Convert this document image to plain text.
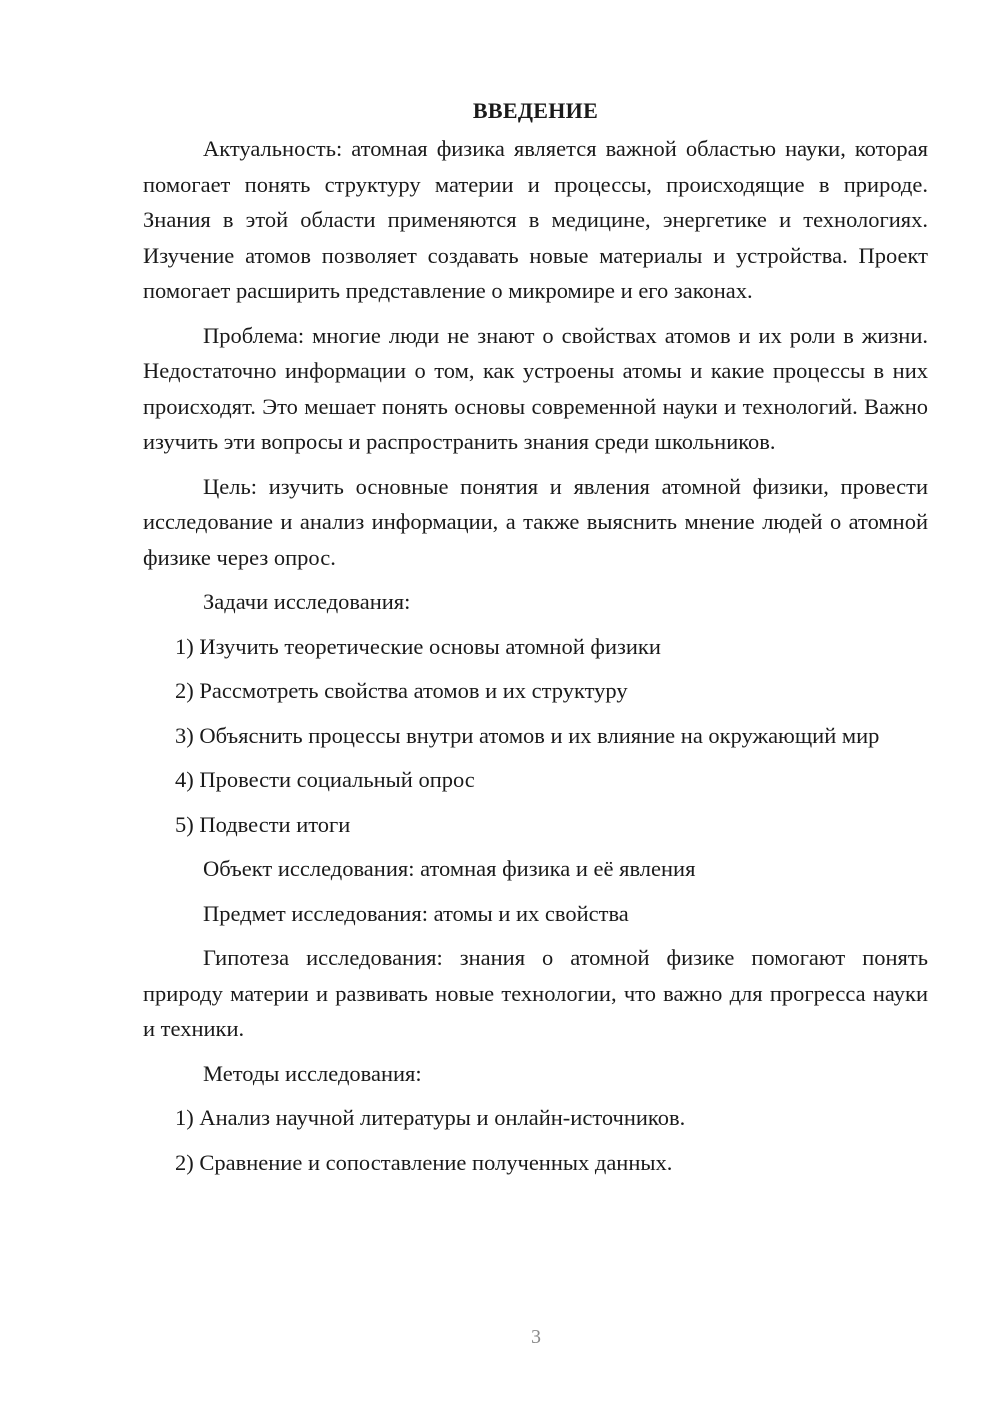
ВВЕДЕНИЕ

Актуальность: атомная физика является важной областью науки, которая помогает понять структуру материи и процессы, происходящие в природе. Знания в этой области применяются в медицине, энергетике и технологиях. Изучение атомов позволяет создавать новые материалы и устройства. Проект помогает расширить представление о микромире и его законах.

Проблема: многие люди не знают о свойствах атомов и их роли в жизни. Недостаточно информации о том, как устроены атомы и какие процессы в них происходят. Это мешает понять основы современной науки и технологий. Важно изучить эти вопросы и распространить знания среди школьников.

Цель: изучить основные понятия и явления атомной физики, провести исследование и анализ информации, а также выяснить мнение людей о атомной физике через опрос.

Задачи исследования:

1) Изучить теоретические основы атомной физики

2) Рассмотреть свойства атомов и их структуру

3) Объяснить процессы внутри атомов и их влияние на окружающий мир

4) Провести социальный опрос

5) Подвести итоги

Объект исследования: атомная физика и её явления

Предмет исследования: атомы и их свойства

Гипотеза исследования: знания о атомной физике помогают понять природу материи и развивать новые технологии, что важно для прогресса науки и техники.

Методы исследования:

1) Анализ научной литературы и онлайн-источников.

2) Сравнение и сопоставление полученных данных.

3
